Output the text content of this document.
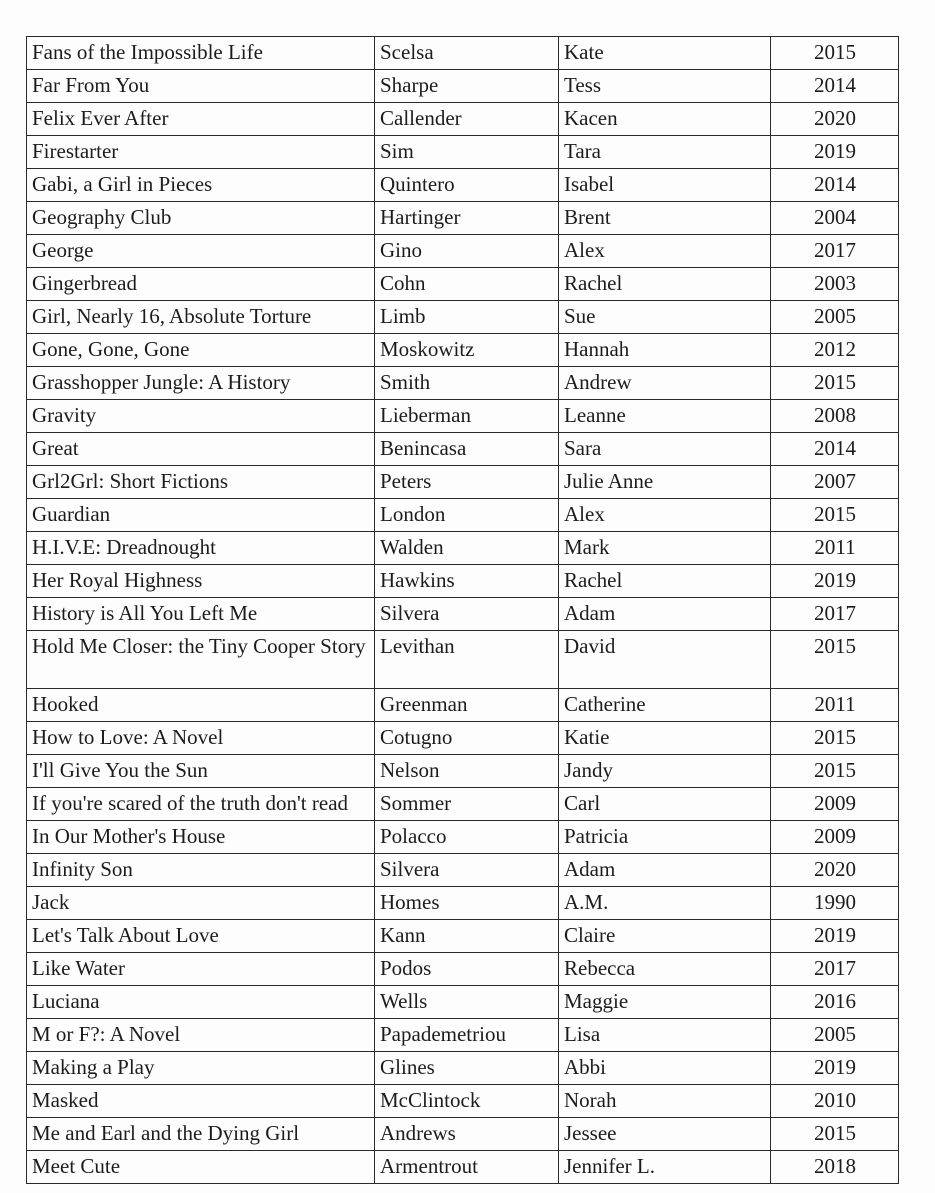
Fans of the Impossible Life	Scelsa	Kate	2015
Far From You	Sharpe	Tess	2014
Felix Ever After	Callender	Kacen	2020
Firestarter	Sim	Tara	2019
Gabi, a Girl in Pieces	Quintero	Isabel	2014
Geography Club	Hartinger	Brent	2004
George	Gino	Alex	2017
Gingerbread	Cohn	Rachel	2003
Girl, Nearly 16, Absolute Torture	Limb	Sue	2005
Gone, Gone, Gone	Moskowitz	Hannah	2012
Grasshopper Jungle: A History	Smith	Andrew	2015
Gravity	Lieberman	Leanne	2008
Great	Benincasa	Sara	2014
Grl2Grl: Short Fictions	Peters	Julie Anne	2007
Guardian	London	Alex	2015
H.I.V.E: Dreadnought	Walden	Mark	2011
Her Royal Highness	Hawkins	Rachel	2019
History is All You Left Me	Silvera	Adam	2017
Hold Me Closer: the Tiny Cooper Story	Levithan	David	2015
Hooked	Greenman	Catherine	2011
How to Love: A Novel	Cotugno	Katie	2015
I'll Give You the Sun	Nelson	Jandy	2015
If you're scared of the truth don't read	Sommer	Carl	2009
In Our Mother's House	Polacco	Patricia	2009
Infinity Son	Silvera	Adam	2020
Jack	Homes	A.M.	1990
Let's Talk About Love	Kann	Claire	2019
Like Water	Podos	Rebecca	2017
Luciana	Wells	Maggie	2016
M or F?: A Novel	Papademetriou	Lisa	2005
Making a Play	Glines	Abbi	2019
Masked	McClintock	Norah	2010
Me and Earl and the Dying Girl	Andrews	Jessee	2015
Meet Cute	Armentrout	Jennifer L.	2018
